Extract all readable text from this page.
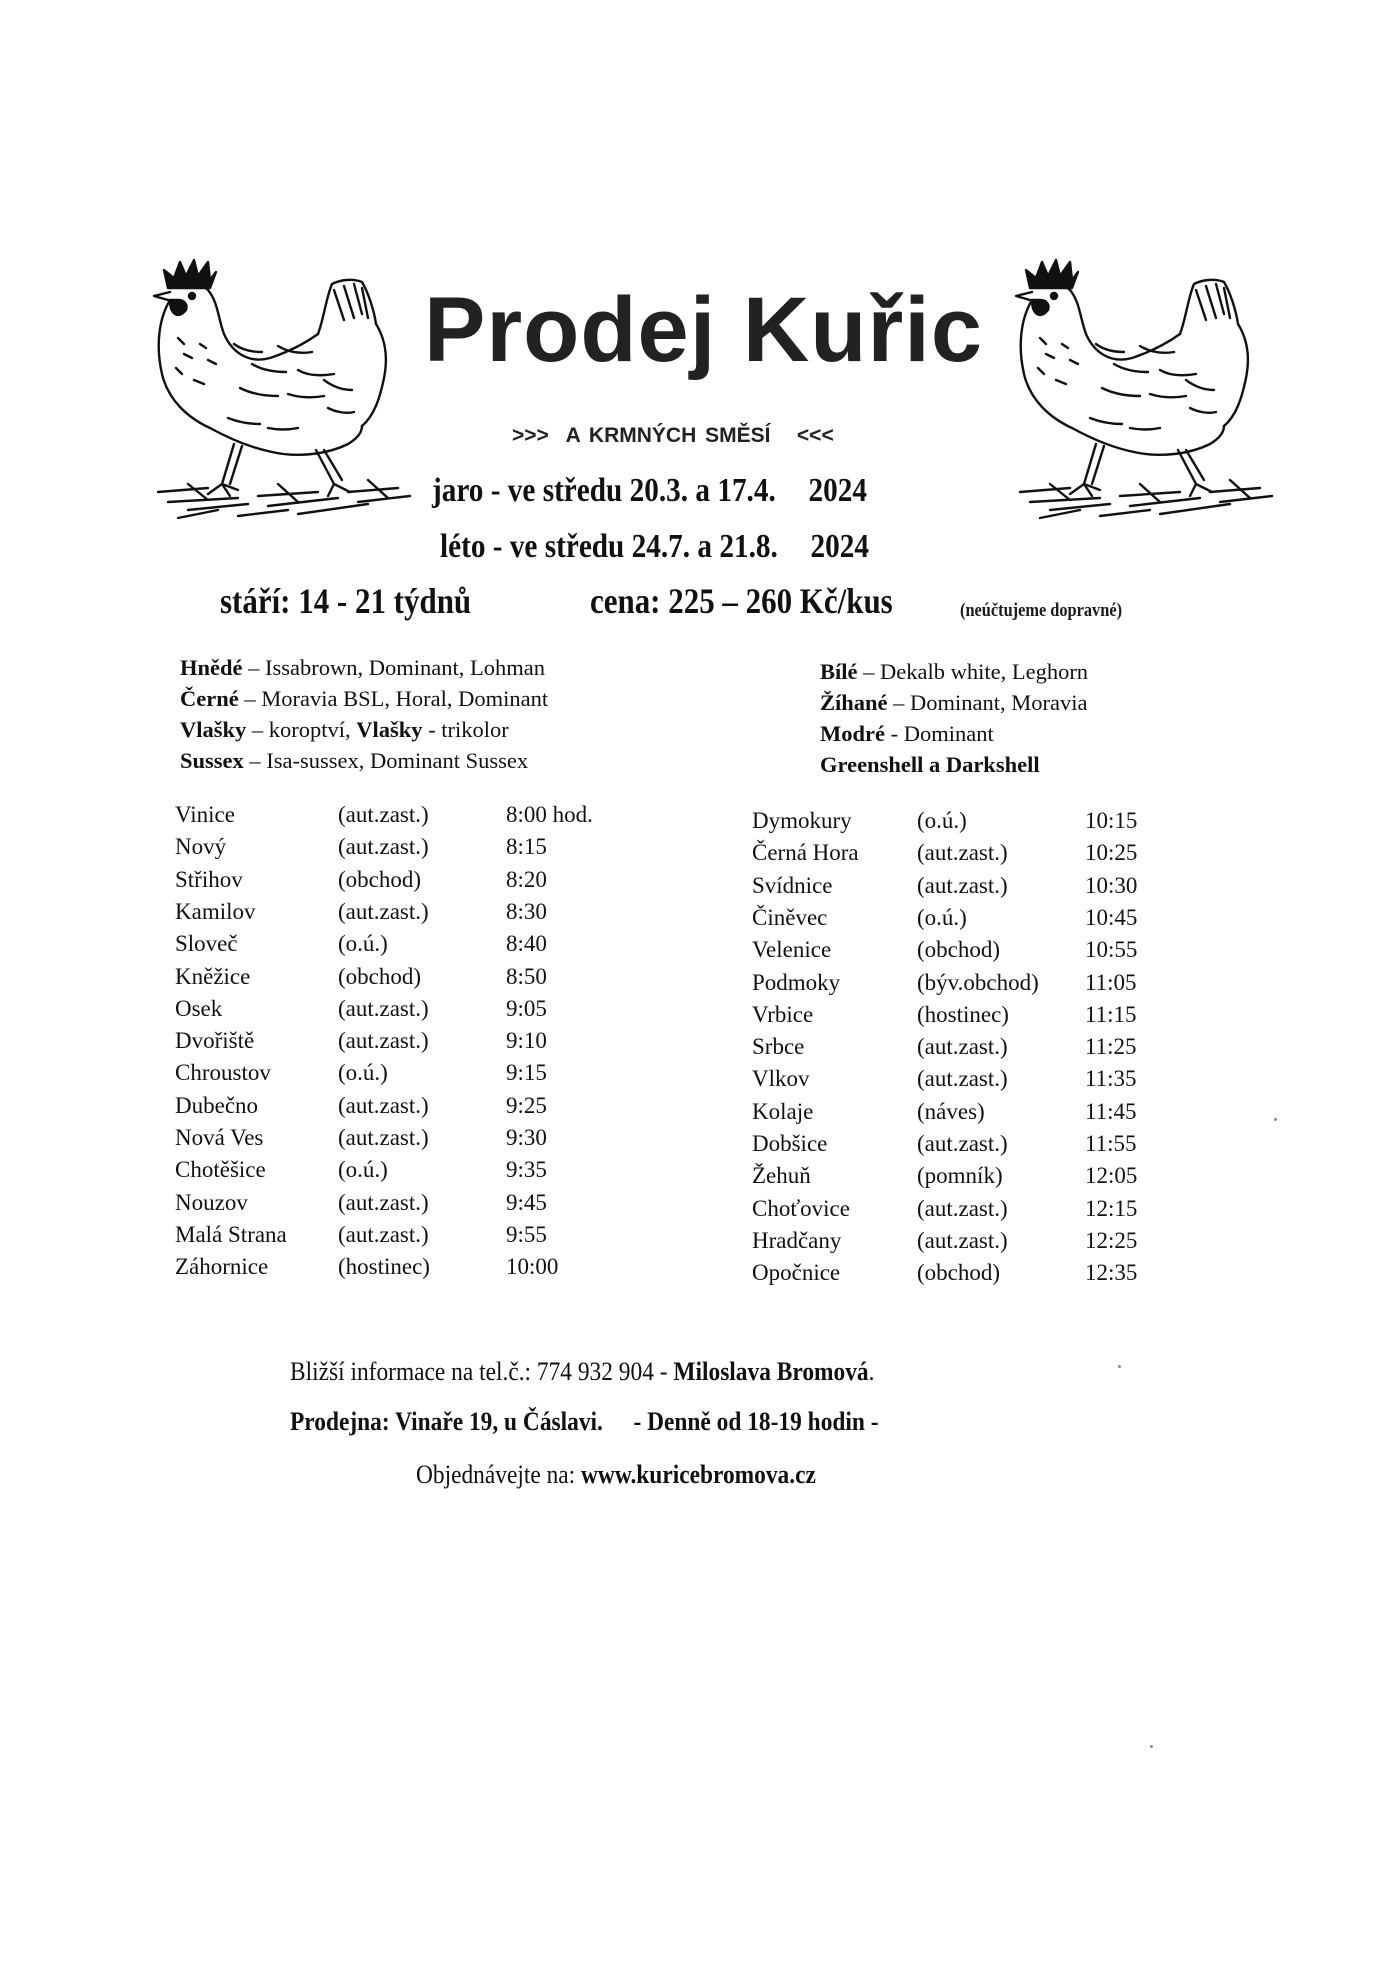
Prodej Kuřic
>>>  A KRMNÝCH SMĚSÍ   <<<
jaro - ve středu 20.3. a 17.4. 2024
léto - ve středu 24.7. a 21.8. 2024
stáří: 14 - 21 týdnů	cena: 225 – 260 Kč/kus	(neúčtujeme dopravné)
Hnědé – Issabrown, Dominant, Lohman
Černé – Moravia BSL, Horal, Dominant
Vlašky – koroptví, Vlašky - trikolor
Sussex – Isa-sussex, Dominant Sussex
Bílé – Dekalb white, Leghorn
Žíhané – Dominant, Moravia
Modré - Dominant
Greenshell a Darkshell
Vinice	(aut.zast.)	8:00 hod.
Nový	(aut.zast.)	8:15
Střihov	(obchod)	8:20
Kamilov	(aut.zast.)	8:30
Sloveč	(o.ú.)	8:40
Kněžice	(obchod)	8:50
Osek	(aut.zast.)	9:05
Dvořiště	(aut.zast.)	9:10
Chroustov	(o.ú.)	9:15
Dubečno	(aut.zast.)	9:25
Nová Ves	(aut.zast.)	9:30
Chotěšice	(o.ú.)	9:35
Nouzov	(aut.zast.)	9:45
Malá Strana (aut.zast.)	9:55
Záhornice	(hostinec)	10:00
Dymokury	(o.ú.)	10:15
Černá Hora	(aut.zast.)	10:25
Svídnice	(aut.zast.)	10:30
Činěvec	(o.ú.)	10:45
Velenice	(obchod)	10:55
Podmoky	(býv.obchod) 11:05
Vrbice	(hostinec)	11:15
Srbce	(aut.zast.)	11:25
Vlkov	(aut.zast.)	11:35
Kolaje	(náves)	11:45
Dobšice	(aut.zast.)	11:55
Žehuň	(pomník)	12:05
Choťovice	(aut.zast.)	12:15
Hradčany	(aut.zast.)	12:25
Opočnice	(obchod)	12:35
Bližší informace na tel.č.: 774 932 904 - Miloslava Bromová.
Prodejna: Vinaře 19, u Čáslavi. - Denně od 18-19 hodin -
Objednávejte na: www.kuricebromova.cz
